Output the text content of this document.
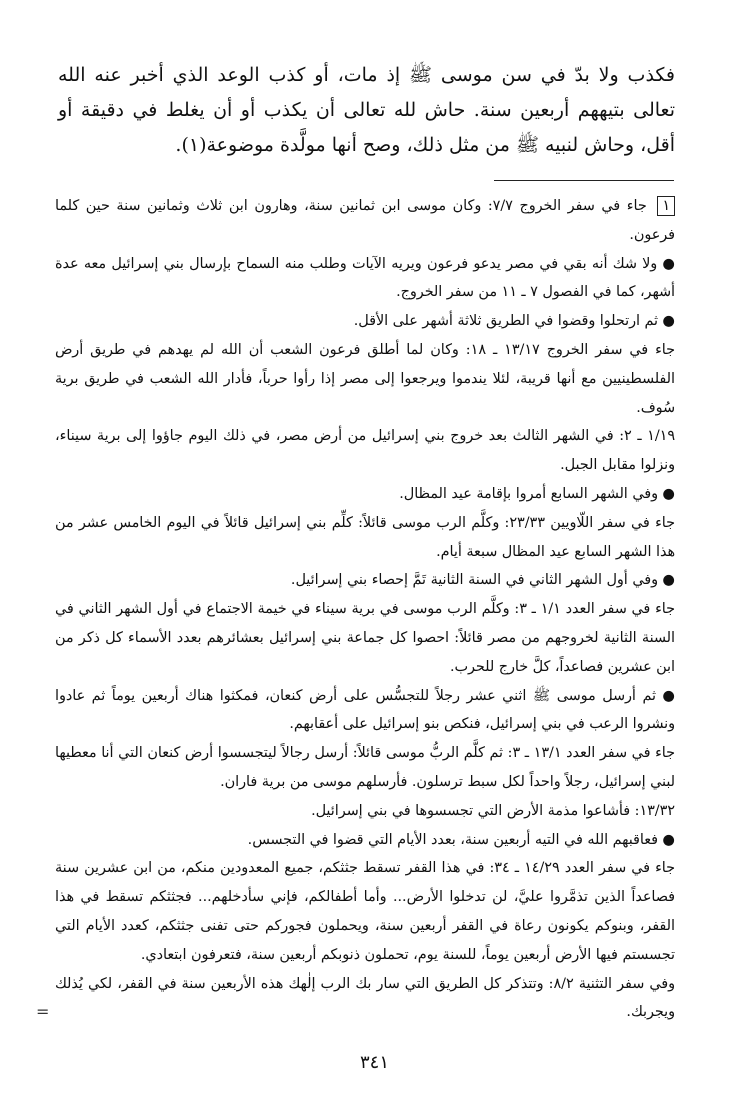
فكذب ولا بدّ في سن موسى ﷺ إذ مات، أو كذب الوعد الذي أخبر عنه الله تعالى بتيههم أربعين سنة. حاش لله تعالى أن يكذب أو أن يغلط في دقيقة أو أقل، وحاش لنبيه ﷺ من مثل ذلك، وصح أنها مولَّدة موضوعة(١).

١ جاء في سفر الخروج ٧/٧: وكان موسى ابن ثمانين سنة، وهارون ابن ثلاث وثمانين سنة حين كلما فرعون.

● ولا شك أنه بقي في مصر يدعو فرعون ويريه الآيات وطلب منه السماح بإرسال بني إسرائيل معه عدة أشهر، كما في الفصول ٧ ـ ١١ من سفر الخروج.

● ثم ارتحلوا وقضوا في الطريق ثلاثة أشهر على الأقل.

جاء في سفر الخروج ١٣/١٧ ـ ١٨: وكان لما أطلق فرعون الشعب أن الله لم يهدهم في طريق أرض الفلسطينيين مع أنها قريبة، لئلا يندموا ويرجعوا إلى مصر إذا رأوا حرباً، فأدار الله الشعب في طريق برية سُوف.

١/١٩ ـ ٢: في الشهر الثالث بعد خروج بني إسرائيل من أرض مصر، في ذلك اليوم جاؤوا إلى برية سيناء، ونزلوا مقابل الجبل.

● وفي الشهر السابع أمروا بإقامة عيد المظال.

جاء في سفر اللّاويين ٢٣/٣٣: وكلَّم الرب موسى قائلاً: كلِّم بني إسرائيل قائلاً في اليوم الخامس عشر من هذا الشهر السابع عيد المظال سبعة أيام.

● وفي أول الشهر الثاني في السنة الثانية تَمَّ إحصاء بني إسرائيل.

جاء في سفر العدد ١/١ ـ ٣: وكلَّم الرب موسى في برية سيناء في خيمة الاجتماع في أول الشهر الثاني في السنة الثانية لخروجهم من مصر قائلاً: احصوا كل جماعة بني إسرائيل بعشائرهم بعدد الأسماء كل ذكر من ابن عشرين فصاعداً، كلَّ خارج للحرب.

● ثم أرسل موسى ﷺ اثني عشر رجلاً للتجسُّس على أرض كنعان، فمكثوا هناك أربعين يوماً ثم عادوا ونشروا الرعب في بني إسرائيل، فنكص بنو إسرائيل على أعقابهم.

جاء في سفر العدد ١٣/١ ـ ٣: ثم كلَّم الربُّ موسى قائلاً: أرسل رجالاً ليتجسسوا أرض كنعان التي أنا معطيها لبني إسرائيل، رجلاً واحداً لكل سبط ترسلون. فأرسلهم موسى من برية فاران.

١٣/٣٢: فأشاعوا مذمة الأرض التي تجسسوها في بني إسرائيل.

● فعاقبهم الله في التيه أربعين سنة، بعدد الأيام التي قضوا في التجسس.

جاء في سفر العدد ١٤/٢٩ ـ ٣٤: في هذا القفر تسقط جثثكم، جميع المعدودين منكم، من ابن عشرين سنة فصاعداً الذين تذمَّروا عليَّ، لن تدخلوا الأرض... وأما أطفالكم، فإني سأدخلهم... فجثثكم تسقط في هذا القفر، وبنوكم يكونون رعاة في القفر أربعين سنة، ويحملون فجوركم حتى تفنى جثثكم، كعدد الأيام التي تجسستم فيها الأرض أربعين يوماً، للسنة يوم، تحملون ذنوبكم أربعين سنة، فتعرفون ابتعادي.

وفي سفر التثنية ٨/٢: وتتذكر كل الطريق التي سار بك الرب إلٰهك هذه الأربعين سنة في القفر، لكي يُذلك ويجربك.

=
٣٤١
